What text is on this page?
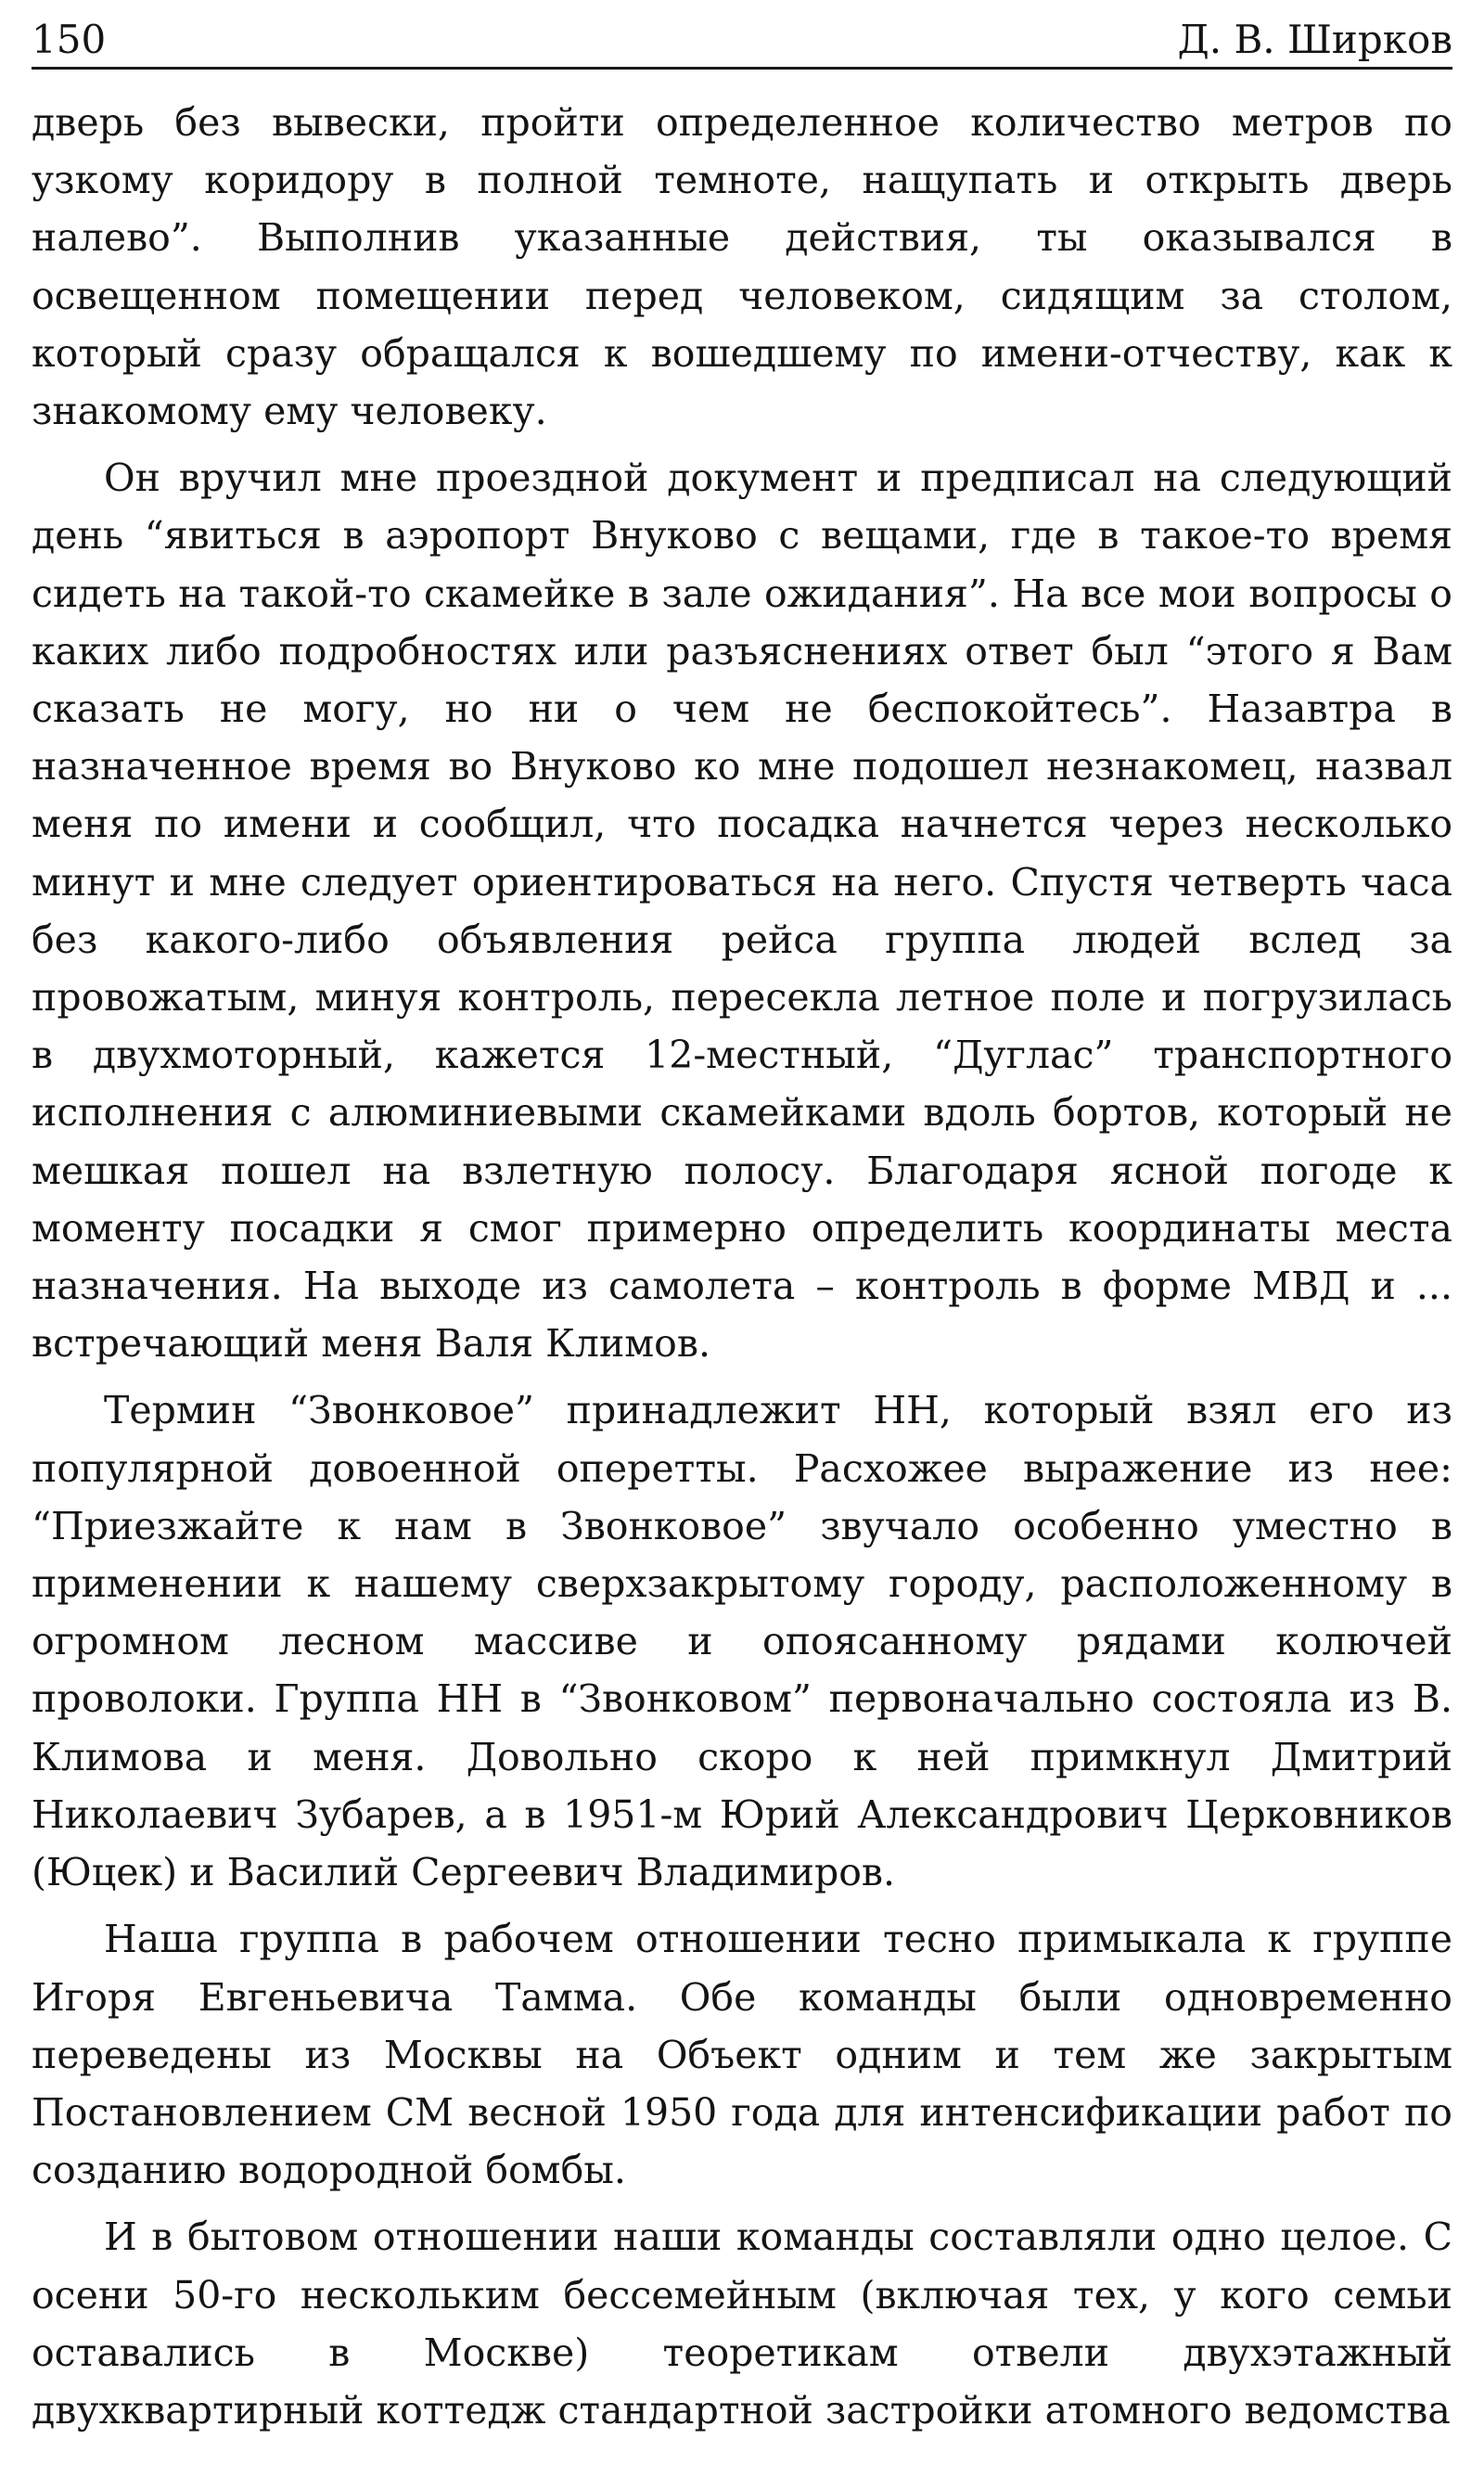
150	Д. В. Ширков

дверь без вывески, пройти определенное количество метров по узкому коридору в полной темноте, нащупать и открыть дверь налево”. Выполнив указанные действия, ты оказывался в освещенном помещении перед человеком, сидящим за столом, который сразу обращался к вошедшему по имени-отчеству, как к знакомому ему человеку.

Он вручил мне проездной документ и предписал на следующий день “явиться в аэропорт Внуково с вещами, где в такое-то время сидеть на такой-то скамейке в зале ожидания”. На все мои вопросы о каких либо подробностях или разъяснениях ответ был “этого я Вам сказать не могу, но ни о чем не беспокойтесь”. Назавтра в назначенное время во Внуково ко мне подошел незнакомец, назвал меня по имени и сообщил, что посадка начнется через несколько минут и мне следует ориентироваться на него. Спустя четверть часа без какого-либо объявления рейса группа людей вслед за провожатым, минуя контроль, пересекла летное поле и погрузилась в двухмоторный, кажется 12-местный, “Дуглас” транспортного исполнения с алюминиевыми скамейками вдоль бортов, который не мешкая пошел на взлетную полосу. Благодаря ясной погоде к моменту посадки я смог примерно определить координаты места назначения. На выходе из самолета – контроль в форме МВД и ... встречающий меня Валя Климов.

Термин “Звонковое” принадлежит НН, который взял его из популярной довоенной оперетты. Расхожее выражение из нее: “Приезжайте к нам в Звонковое” звучало особенно уместно в применении к нашему сверхзакрытому городу, расположенному в огромном лесном массиве и опоясанному рядами колючей проволоки. Группа НН в “Звонковом” первоначально состояла из В. Климова и меня. Довольно скоро к ней примкнул Дмитрий Николаевич Зубарев, а в 1951-м Юрий Александрович Церковников (Юцек) и Василий Сергеевич Владимиров.

Наша группа в рабочем отношении тесно примыкала к группе Игоря Евгеньевича Тамма. Обе команды были одновременно переведены из Москвы на Объект одним и тем же закрытым Постановлением СМ весной 1950 года для интенсификации работ по созданию водородной бомбы.

И в бытовом отношении наши команды составляли одно целое. С осени 50-го нескольким бессемейным (включая тех, у кого семьи оставались в Москве) теоретикам отвели двухэтажный двухквартирный коттедж стандартной застройки атомного ведомства
